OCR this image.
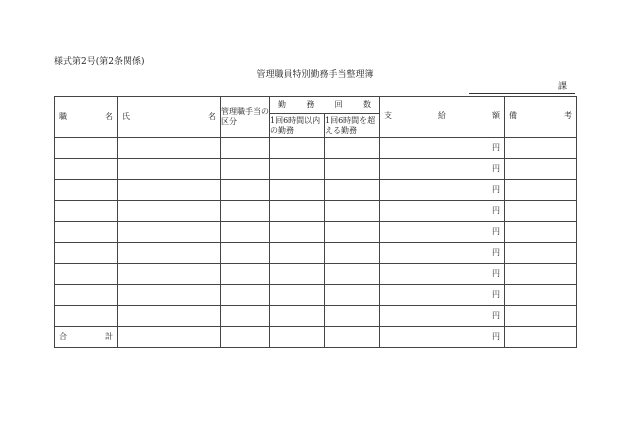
様式第2号(第2条関係)
管理職員特別勤務手当整理簿
課
職 名	氏 名	管理職手当の区分	勤 務 回 数		支 給 額	備 考

			1回6時間以内の勤務	1回6時間を超える勤務		
					円	
					円	
					円	
					円	
					円	
					円	
					円	
					円	
					円	

合 計					円	
